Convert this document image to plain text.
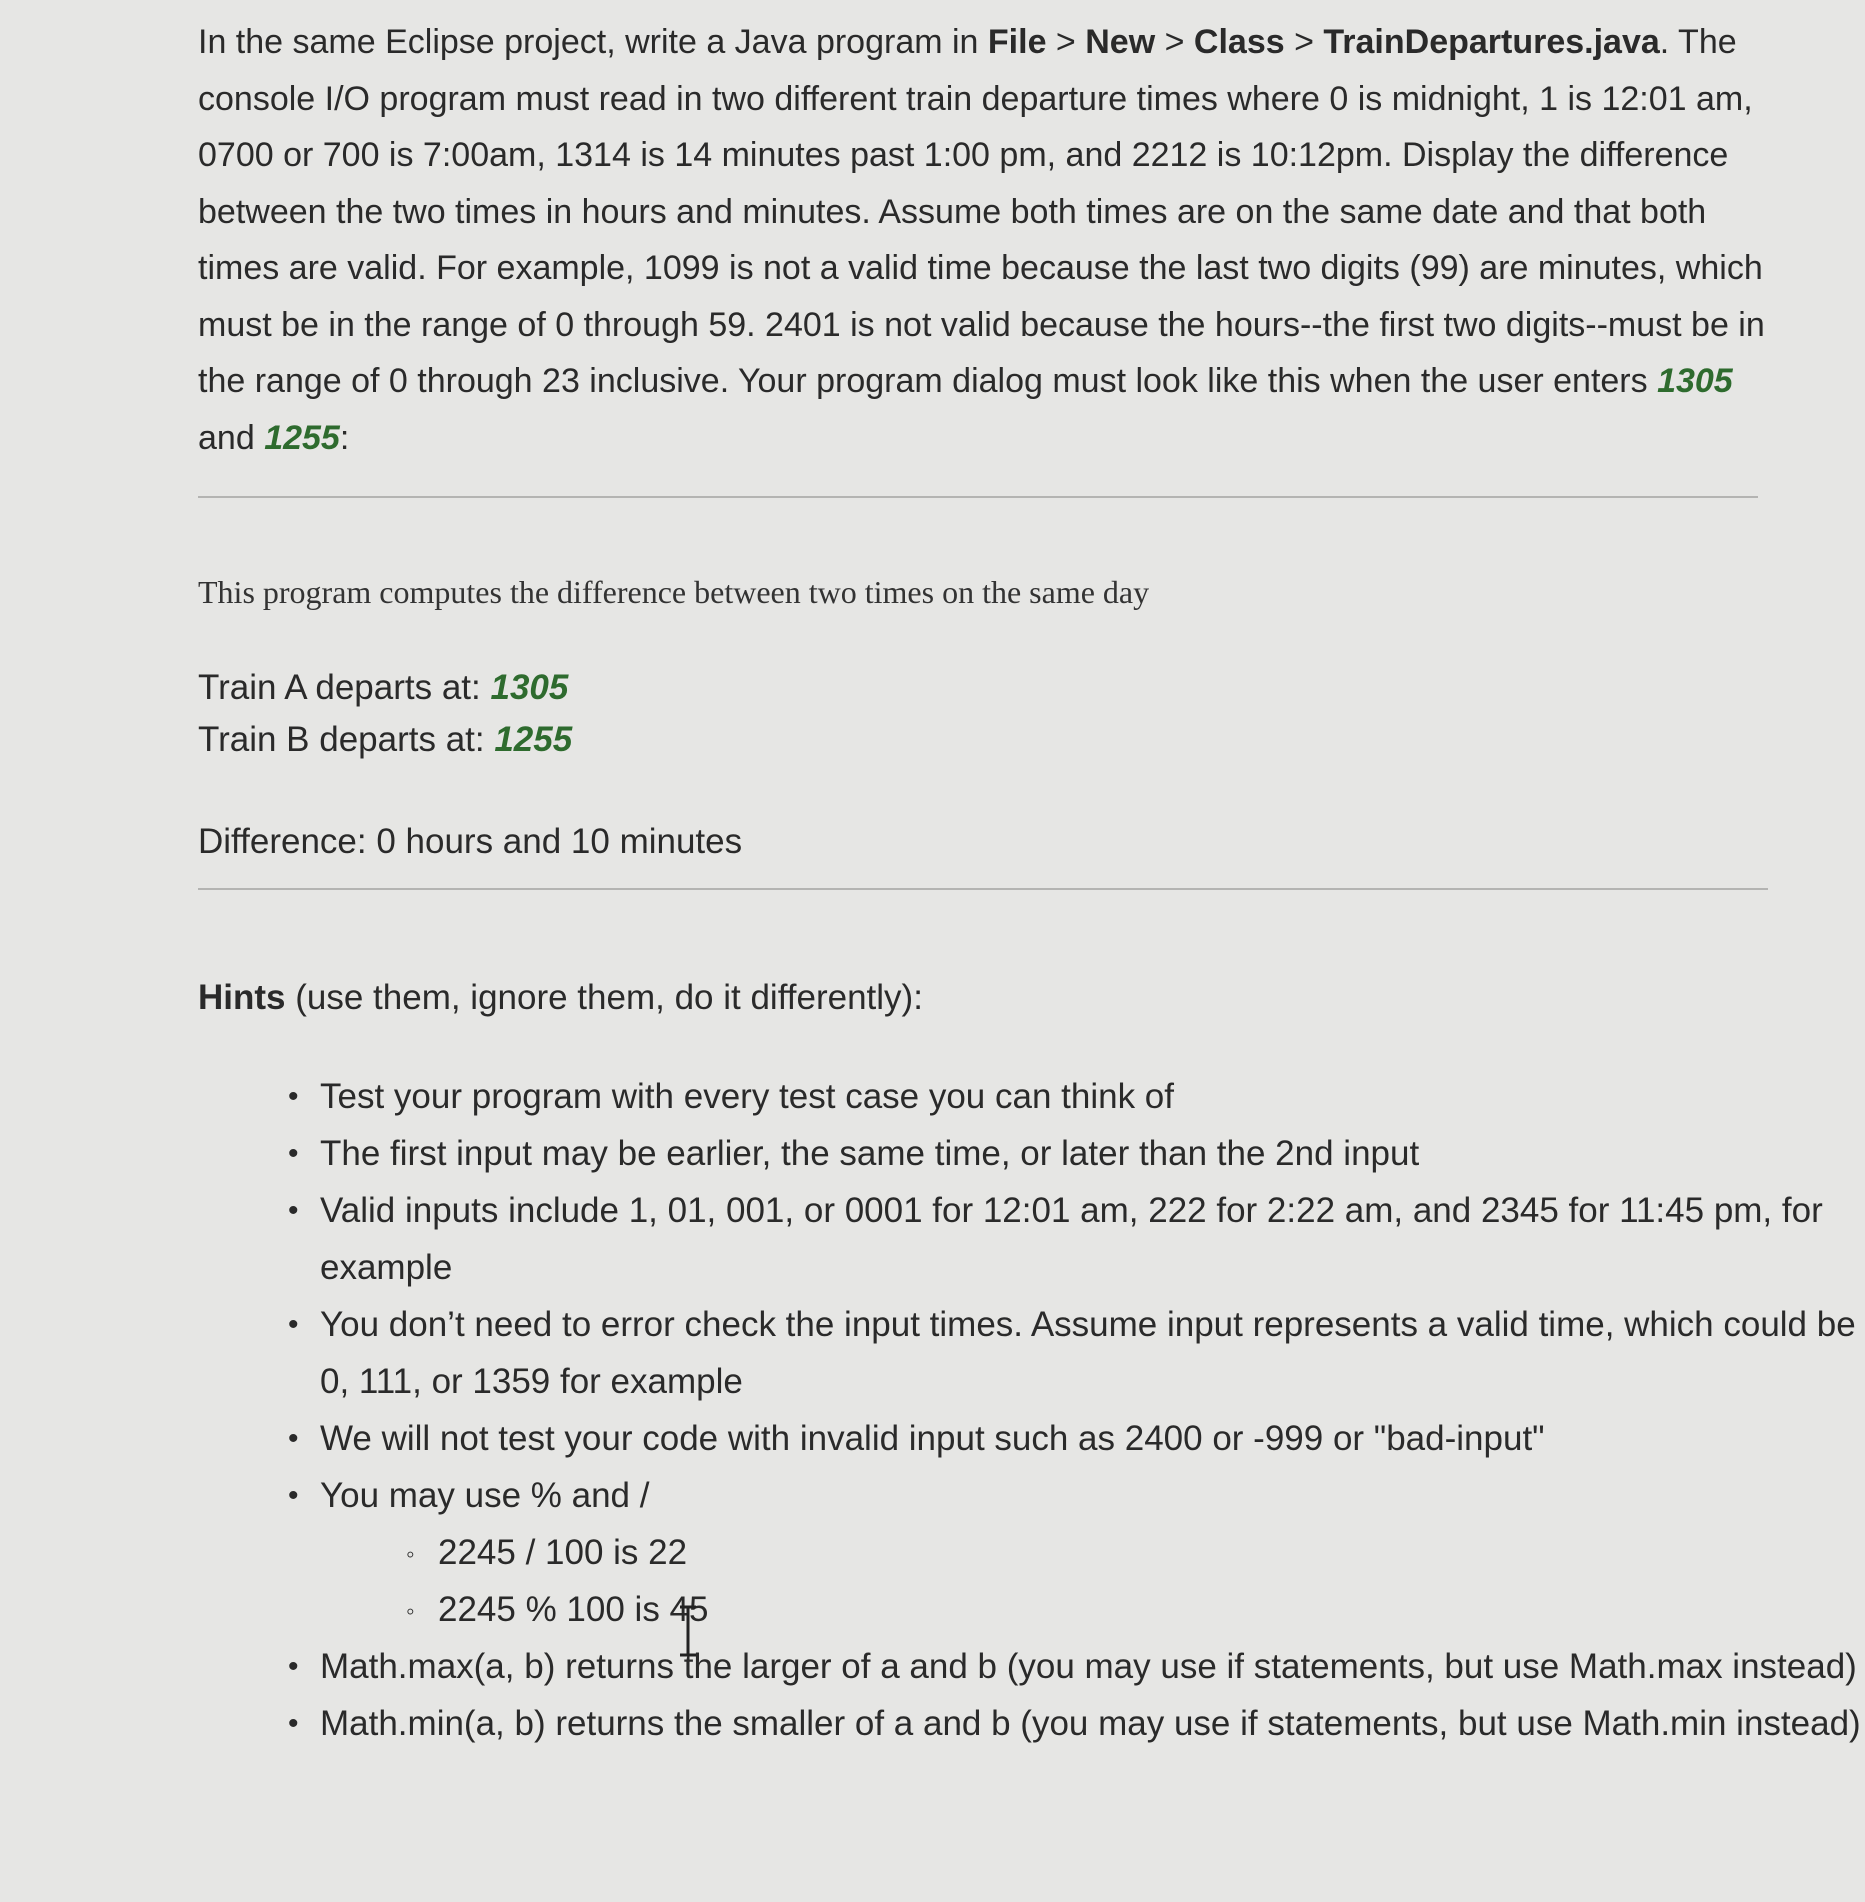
In the same Eclipse project, write a Java program in File > New > Class > TrainDepartures.java. The console I/O program must read in two different train departure times where 0 is midnight, 1 is 12:01 am, 0700 or 700 is 7:00am, 1314 is 14 minutes past 1:00 pm, and 2212 is 10:12pm. Display the difference between the two times in hours and minutes. Assume both times are on the same date and that both times are valid. For example, 1099 is not a valid time because the last two digits (99) are minutes, which must be in the range of 0 through 59. 2401 is not valid because the hours--the first two digits--must be in the range of 0 through 23 inclusive. Your program dialog must look like this when the user enters 1305 and 1255:

This program computes the difference between two times on the same day
Train A departs at: 1305
Train B departs at: 1255
Difference: 0 hours and 10 minutes
Hints (use them, ignore them, do it differently):
• Test your program with every test case you can think of
• The first input may be earlier, the same time, or later than the 2nd input
• Valid inputs include 1, 01, 001, or 0001 for 12:01 am, 222 for 2:22 am, and 2345 for 11:45 pm, for example
• You don’t need to error check the input times. Assume input represents a valid time, which could be 0, 111, or 1359 for example
• We will not test your code with invalid input such as 2400 or -999 or "bad-input"
• You may use % and /
◦ 2245 / 100 is 22
◦ 2245 % 100 is 45
• Math.max(a, b) returns the larger of a and b (you may use if statements, but use Math.max instead)
• Math.min(a, b) returns the smaller of a and b (you may use if statements, but use Math.min instead)
